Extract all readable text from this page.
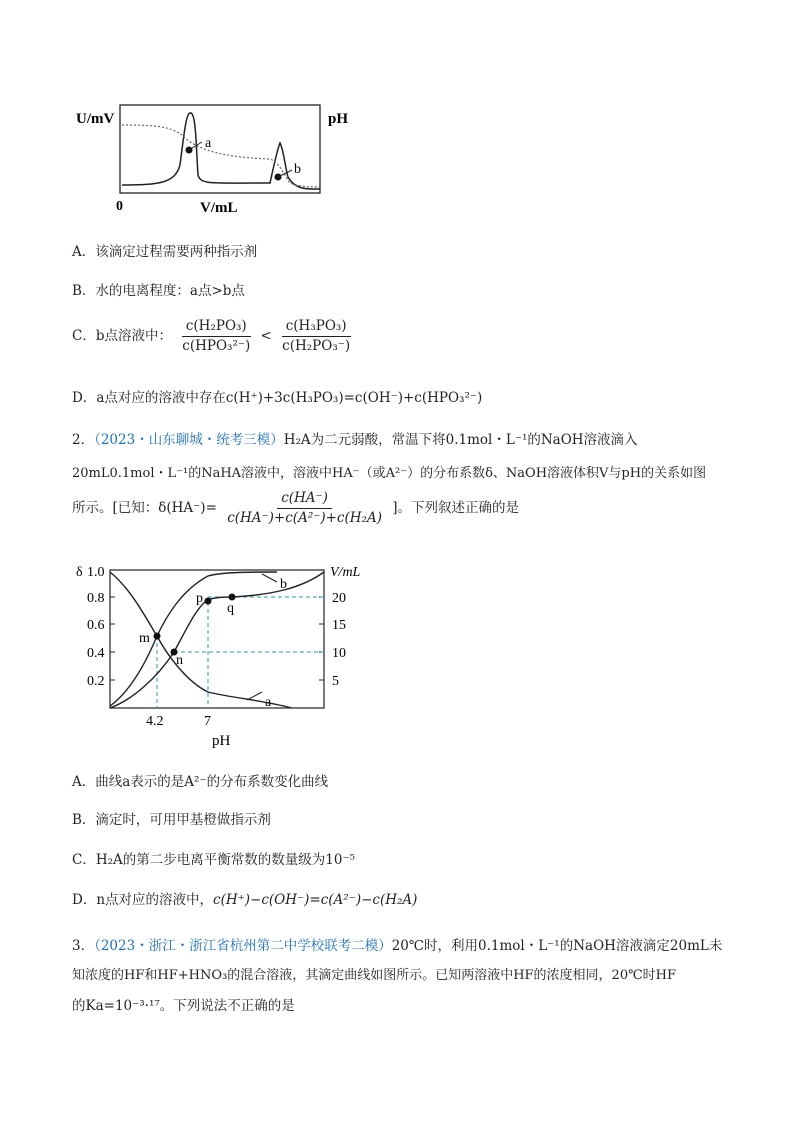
a
b
U/mV	pH
0	V/mL
A．该滴定过程需要两种指示剂
B．水的电离程度：a点>b点
C．b点溶液中： $\frac{\text{c(H₂PO₃)}}{\text{c(HPO₃²⁻)}} < \frac{\text{c(H₃PO₃)}}{\text{c(H₂PO₃⁻)}}$
D．a点对应的溶液中存在c(H⁺)+3c(H₃PO₃)=c(OH⁻)+c(HPO₃²⁻)
2．（2023・山东聊城・统考三模）H₂A为二元弱酸，常温下将0.1mol・L⁻¹的NaOH溶液滴入
20mL0.1mol・L⁻¹的NaHA溶液中，溶液中HA⁻（或A²⁻）的分布系数δ、NaOH溶液体积V与pH的关系如图
所示。[已知：$\delta(HA^-)= \frac{c(HA^-)}{\text{c(HA⁻)+c(A²⁻)+c(H₂A)}}$ ]。下列叙述正确的是
m
n
p
q
a
b
δ 1.0
0.8
0.6
0.4
0.2
V/mL
20
15
10
5
4.2	7
pH
A．曲线a表示的是A²⁻的分布系数变化曲线
B．滴定时，可用甲基橙做指示剂
C．H₂A的第二步电离平衡常数的数量级为10⁻⁵
D．n点对应的溶液中，c(H⁺)−c(OH⁻)=c(A²⁻)−c(H₂A)
3．（2023・浙江・浙江省杭州第二中学校联考二模）20℃时，利用0.1mol・L⁻¹的NaOH溶液滴定20mL未
知浓度的HF和HF+HNO₃的混合溶液，其滴定曲线如图所示。已知两溶液中HF的浓度相同，20℃时HF
的Ka=10⁻³·¹⁷。下列说法不正确的是
